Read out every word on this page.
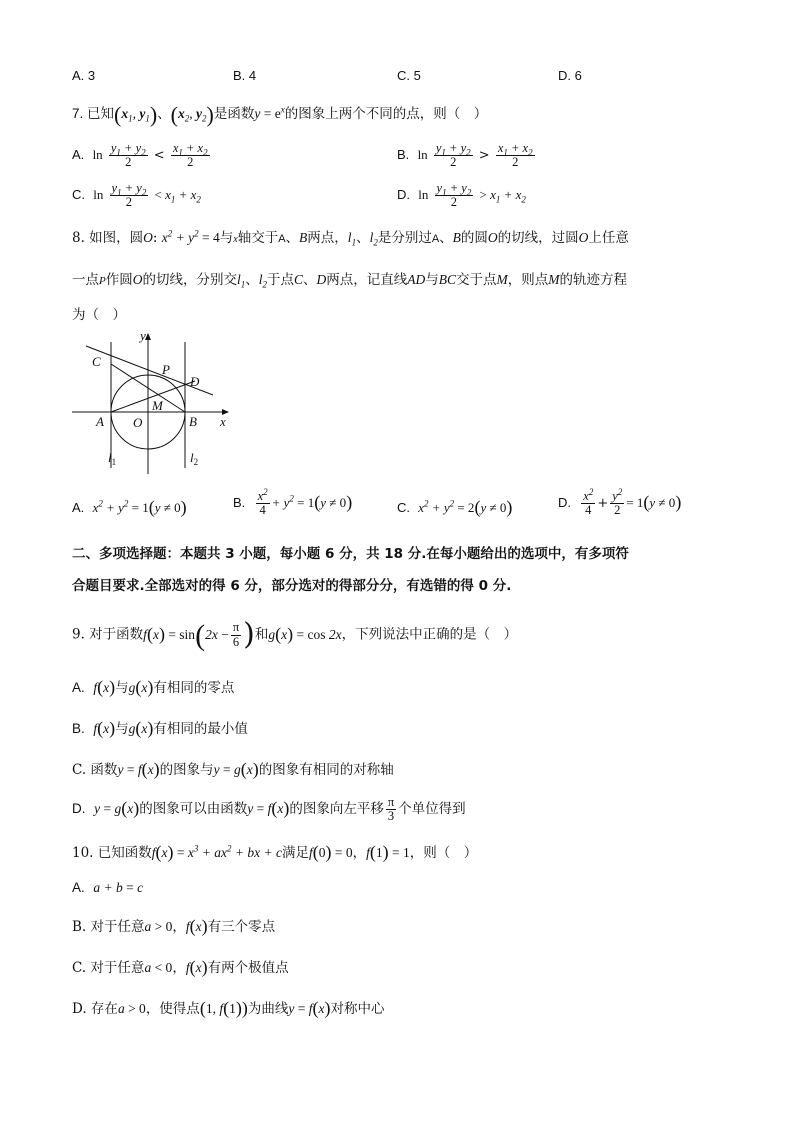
A. 3	B. 4	C. 5	D. 6
7. 已知($x_1$, $y_1$)、($x_2$, $y_2$)是函数$y = e^x$的图象上两个不同的点，则（　）
A. $\ln \frac{y_1 + y_2}{2} < \frac{x_1 + x_2}{2}$	B. $\ln \frac{y_1 + y_2}{2} > \frac{x_1 + x_2}{2}$
C. $\ln \frac{y_1 + y_2}{2} < x_1 + x_2$	D. $\ln \frac{y_1 + y_2}{2} > x_1 + x_2$
8. 如图，圆O: $x^2 + y^2 = 4$与x轴交于A、B两点，$l_1$、$l_2$是分别过A、B的圆O的切线，过圆O上任意
一点P作圆O的切线，分别交$l_1$、$l_2$于点C、D两点，记直线AD与BC交于点M，则点M的轨迹方程
为（　）
y
x
C
P
D
M
A O	B
$l_1$	$l_2$
A. $x^2 + y^2 = 1(y \ne 0)$	B. $\frac{x^2}{4} + y^2 = 1(y \ne 0)$	C. $x^2 + y^2 = 2(y \ne 0)$	D. $\frac{x^2}{4} + \frac{y^2}{2} = 1(y \ne 0)$
二、多项选择题：本题共 3 小题，每小题 6 分，共 18 分.在每小题给出的选项中，有多项符
合题目要求.全部选对的得 6 分，部分选对的得部分分，有选错的得 0 分.
9. 对于函数$f(x) = \sin(2x - \frac{\pi}{6}$ )和g(x) = cos 2x，下列说法中正确的是（　）
A. f(x)与g(x)有相同的零点
B. f(x)与g(x)有相同的最小值
C. 函数y = f(x)的图象与y = g(x)的图象有相同的对称轴
D. y = g(x)的图象可以由函数y = f(x)的图象向左平移 $\frac{\pi}{3}$ 个单位得到
10. 已知函数$f(x) = x^3 + ax^2$ + bx + c满足f(0) = 0，f(1) = 1，则（　）
A. a + b = c
B. 对于任意a > 0，f(x)有三个零点
C. 对于任意a < 0，f(x)有两个极值点
D. 存在a > 0，使得点(1, f(1))为曲线y = f(x)对称中心
